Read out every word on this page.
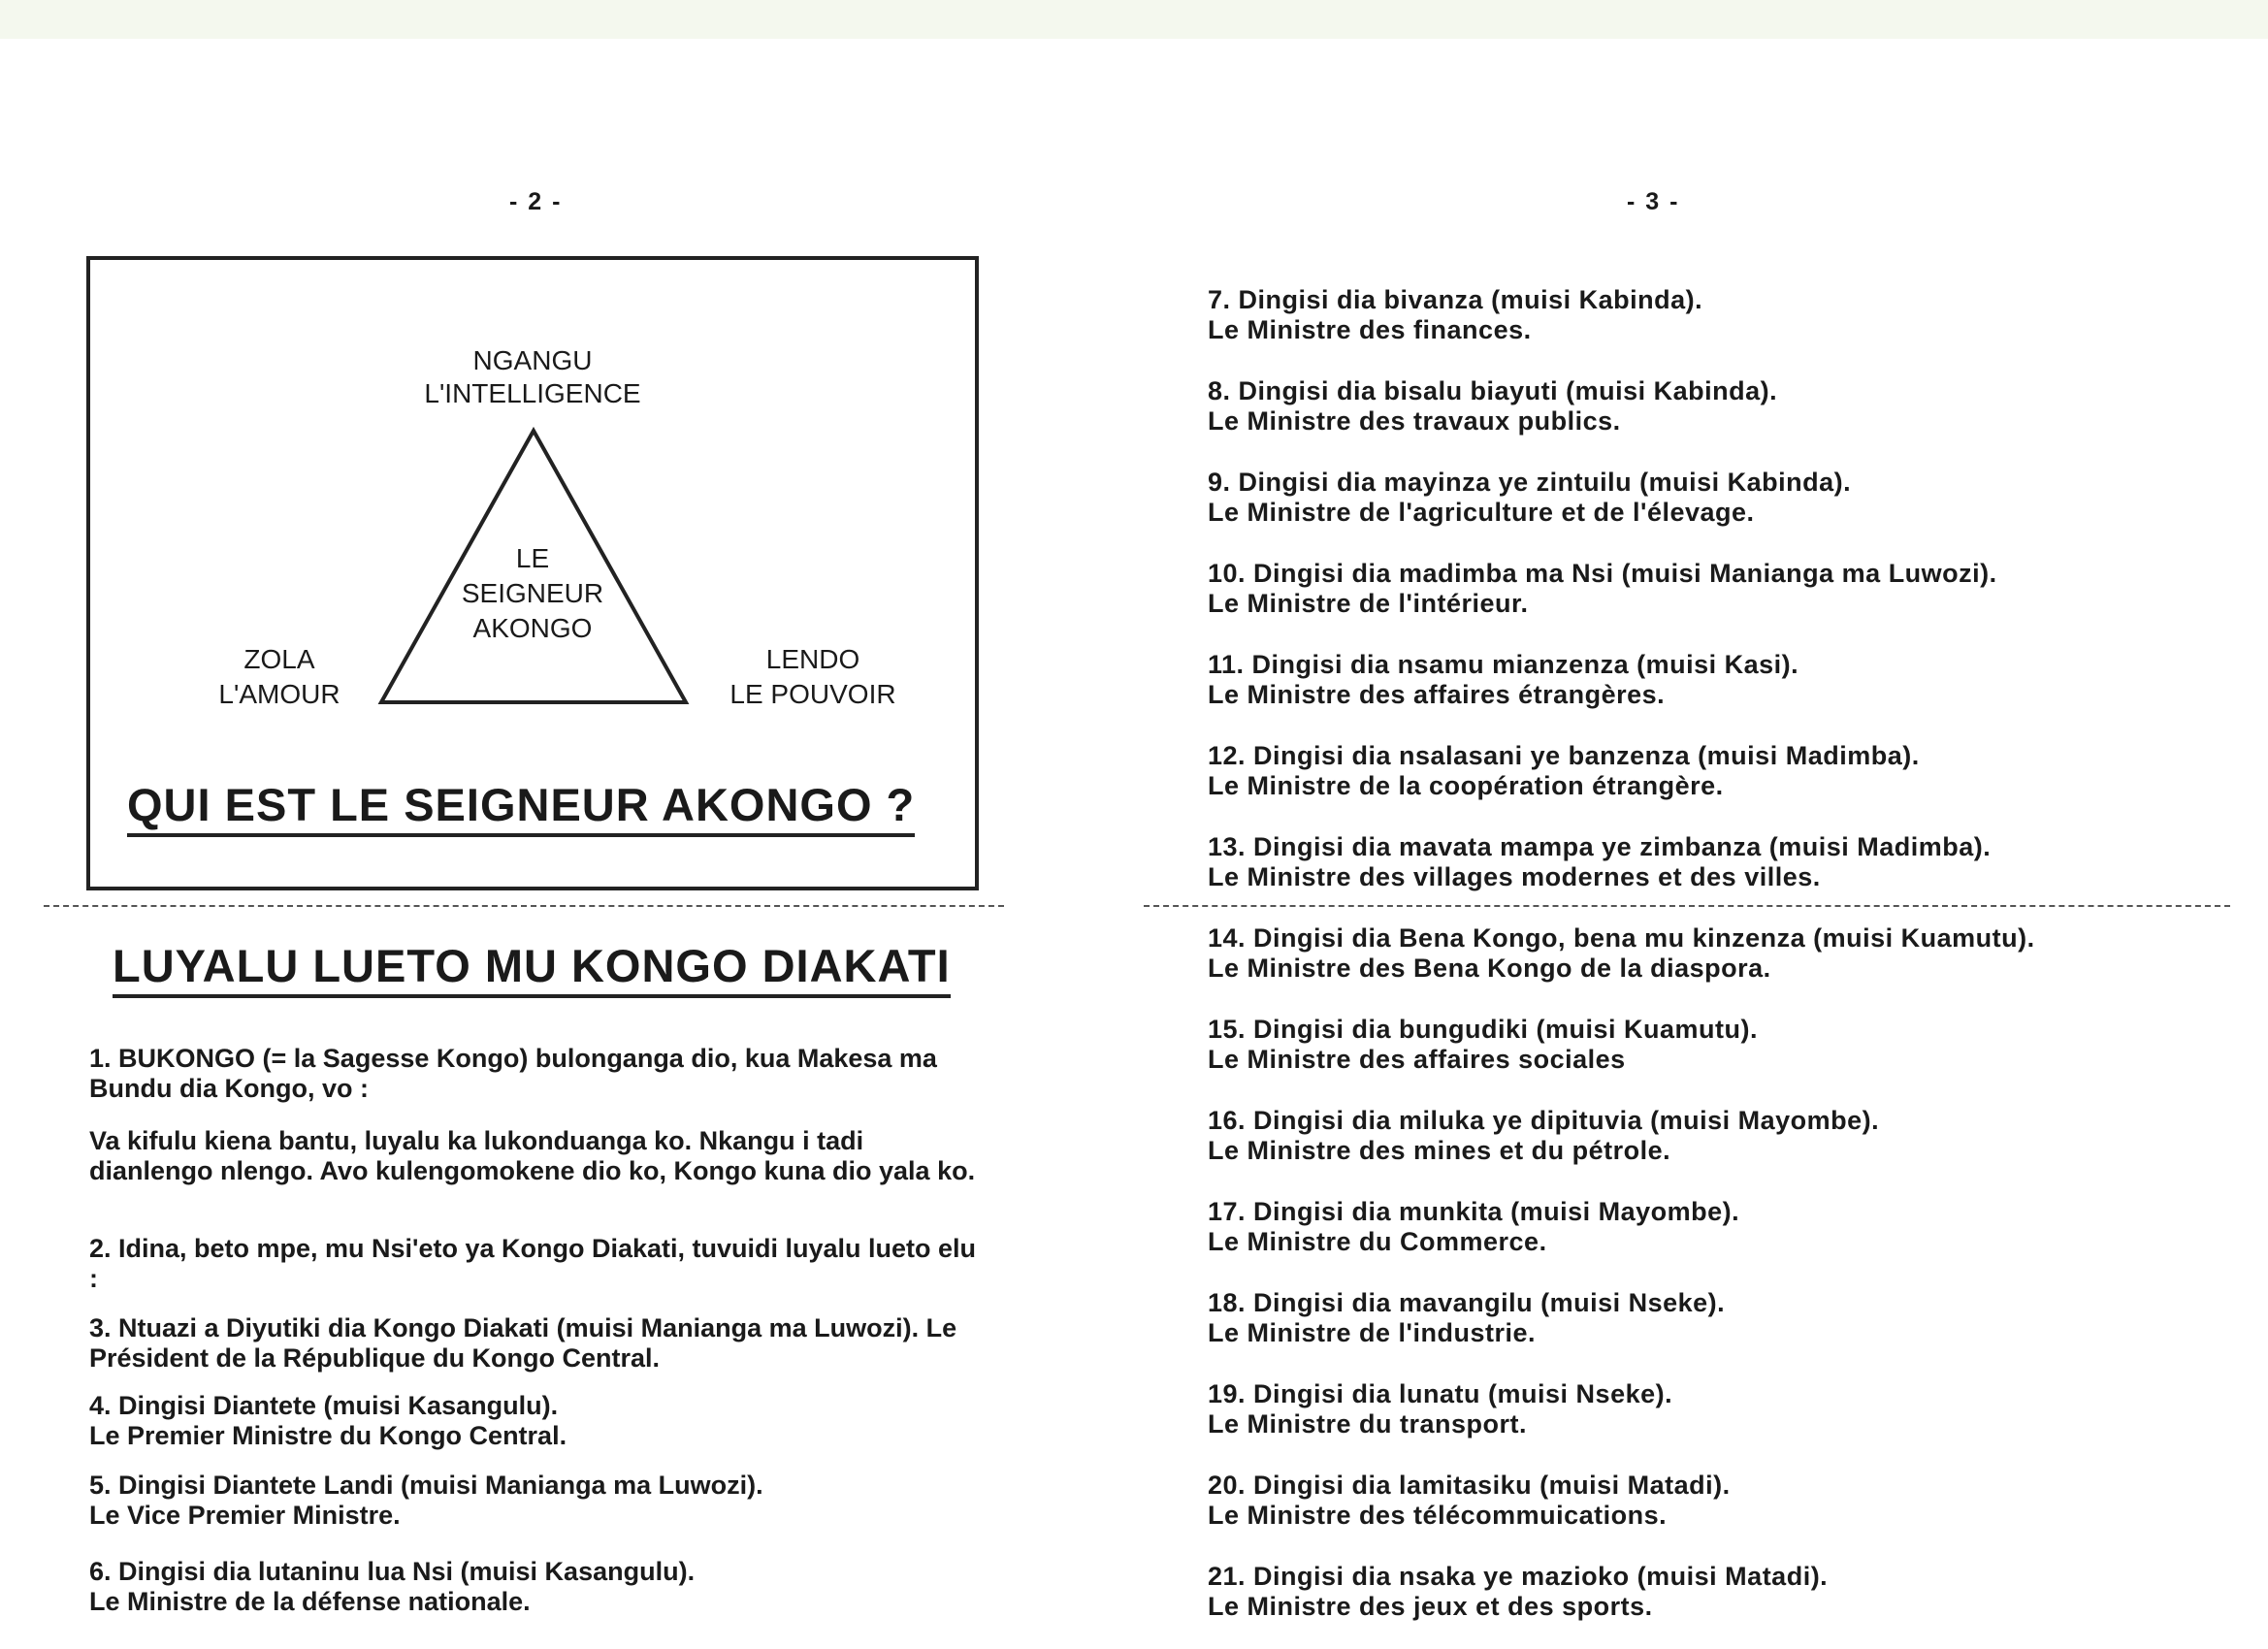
- 2 -
NGANGU
L'INTELLIGENCE
LE
SEIGNEUR
AKONGO
ZOLA
L'AMOUR
LENDO
LE POUVOIR
QUI EST LE SEIGNEUR AKONGO ?
LUYALU LUETO MU KONGO DIAKATI

1. BUKONGO (= la Sagesse Kongo) bulonganga dio, kua Makesa ma Bundu dia Kongo, vo :

Va kifulu kiena bantu, luyalu ka lukonduanga ko. Nkangu i tadi dianlengo nlengo. Avo kulengomokene dio ko, Kongo kuna dio yala ko.

2. Idina, beto mpe, mu Nsi'eto ya Kongo Diakati, tuvuidi luyalu lueto elu :

3. Ntuazi a Diyutiki dia Kongo Diakati (muisi Manianga ma Luwozi). Le Président de la République du Kongo Central.

4. Dingisi Diantete (muisi Kasangulu).
Le Premier Ministre du Kongo Central.

5. Dingisi Diantete Landi (muisi Manianga ma Luwozi).
Le Vice Premier Ministre.

6. Dingisi dia lutaninu lua Nsi (muisi Kasangulu).
Le Ministre de la défense nationale.

- 3 -

7. Dingisi dia bivanza (muisi Kabinda).
Le Ministre des finances.

8. Dingisi dia bisalu biayuti (muisi Kabinda).
Le Ministre des travaux publics.

9. Dingisi dia mayinza ye zintuilu (muisi Kabinda).
Le Ministre de l'agriculture et de l'élevage.

10. Dingisi dia madimba ma Nsi (muisi Manianga ma Luwozi).
Le Ministre de l'intérieur.

11. Dingisi dia nsamu mianzenza (muisi Kasi).
Le Ministre des affaires étrangères.

12. Dingisi dia nsalasani ye banzenza (muisi Madimba).
Le Ministre de la coopération étrangère.

13. Dingisi dia mavata mampa ye zimbanza (muisi Madimba).
Le Ministre des villages modernes et des villes.

14. Dingisi dia Bena Kongo, bena mu kinzenza (muisi Kuamutu).
Le Ministre des Bena Kongo de la diaspora.

15. Dingisi dia bungudiki (muisi Kuamutu).
Le Ministre des affaires sociales

16. Dingisi dia miluka ye dipituvia (muisi Mayombe).
Le Ministre des mines et du pétrole.

17. Dingisi dia munkita (muisi Mayombe).
Le Ministre du Commerce.

18. Dingisi dia mavangilu (muisi Nseke).
Le Ministre de l'industrie.

19. Dingisi dia lunatu (muisi Nseke).
Le Ministre du transport.

20. Dingisi dia lamitasiku (muisi Matadi).
Le Ministre des télécommuications.

21. Dingisi dia nsaka ye mazioko (muisi Matadi).
Le Ministre des jeux et des sports.
